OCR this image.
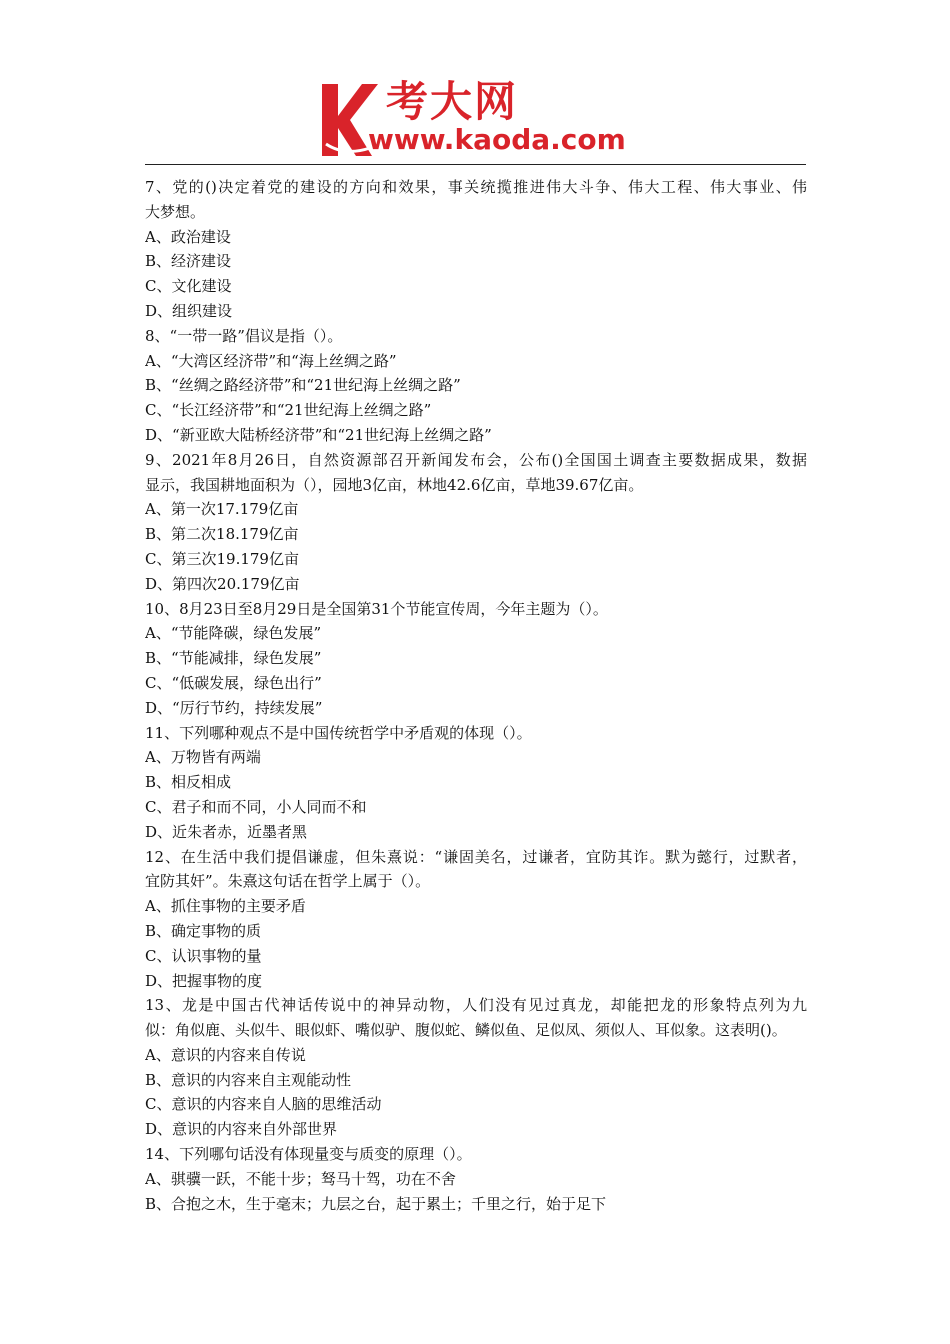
考大网
www.kaoda.com
7、党的()决定着党的建设的方向和效果，事关统揽推进伟大斗争、伟大工程、伟大事业、伟
大梦想。
A、政治建设
B、经济建设
C、文化建设
D、组织建设
8、“一带一路”倡议是指（）。
A、“大湾区经济带”和“海上丝绸之路”
B、“丝绸之路经济带”和“21世纪海上丝绸之路”
C、“长江经济带”和“21世纪海上丝绸之路”
D、“新亚欧大陆桥经济带”和“21世纪海上丝绸之路”
9、2021年8月26日，自然资源部召开新闻发布会，公布()全国国土调查主要数据成果，数据
显示，我国耕地面积为（），园地3亿亩，林地42.6亿亩，草地39.67亿亩。
A、第一次17.179亿亩
B、第二次18.179亿亩
C、第三次19.179亿亩
D、第四次20.179亿亩
10、8月23日至8月29日是全国第31个节能宣传周，今年主题为（）。
A、“节能降碳，绿色发展”
B、“节能减排，绿色发展”
C、“低碳发展，绿色出行”
D、“厉行节约，持续发展”
11、下列哪种观点不是中国传统哲学中矛盾观的体现（）。
A、万物皆有两端
B、相反相成
C、君子和而不同，小人同而不和
D、近朱者赤，近墨者黑
12、在生活中我们提倡谦虚，但朱熹说：“谦固美名，过谦者，宜防其诈。默为懿行，过默者，
宜防其奸”。朱熹这句话在哲学上属于（）。
A、抓住事物的主要矛盾
B、确定事物的质
C、认识事物的量
D、把握事物的度
13、龙是中国古代神话传说中的神异动物，人们没有见过真龙，却能把龙的形象特点列为九
似：角似鹿、头似牛、眼似虾、嘴似驴、腹似蛇、鳞似鱼、足似凤、须似人、耳似象。这表明()。
A、意识的内容来自传说
B、意识的内容来自主观能动性
C、意识的内容来自人脑的思维活动
D、意识的内容来自外部世界
14、下列哪句话没有体现量变与质变的原理（）。
A、骐骥一跃，不能十步；驽马十驾，功在不舍
B、合抱之木，生于毫末；九层之台，起于累土；千里之行，始于足下
